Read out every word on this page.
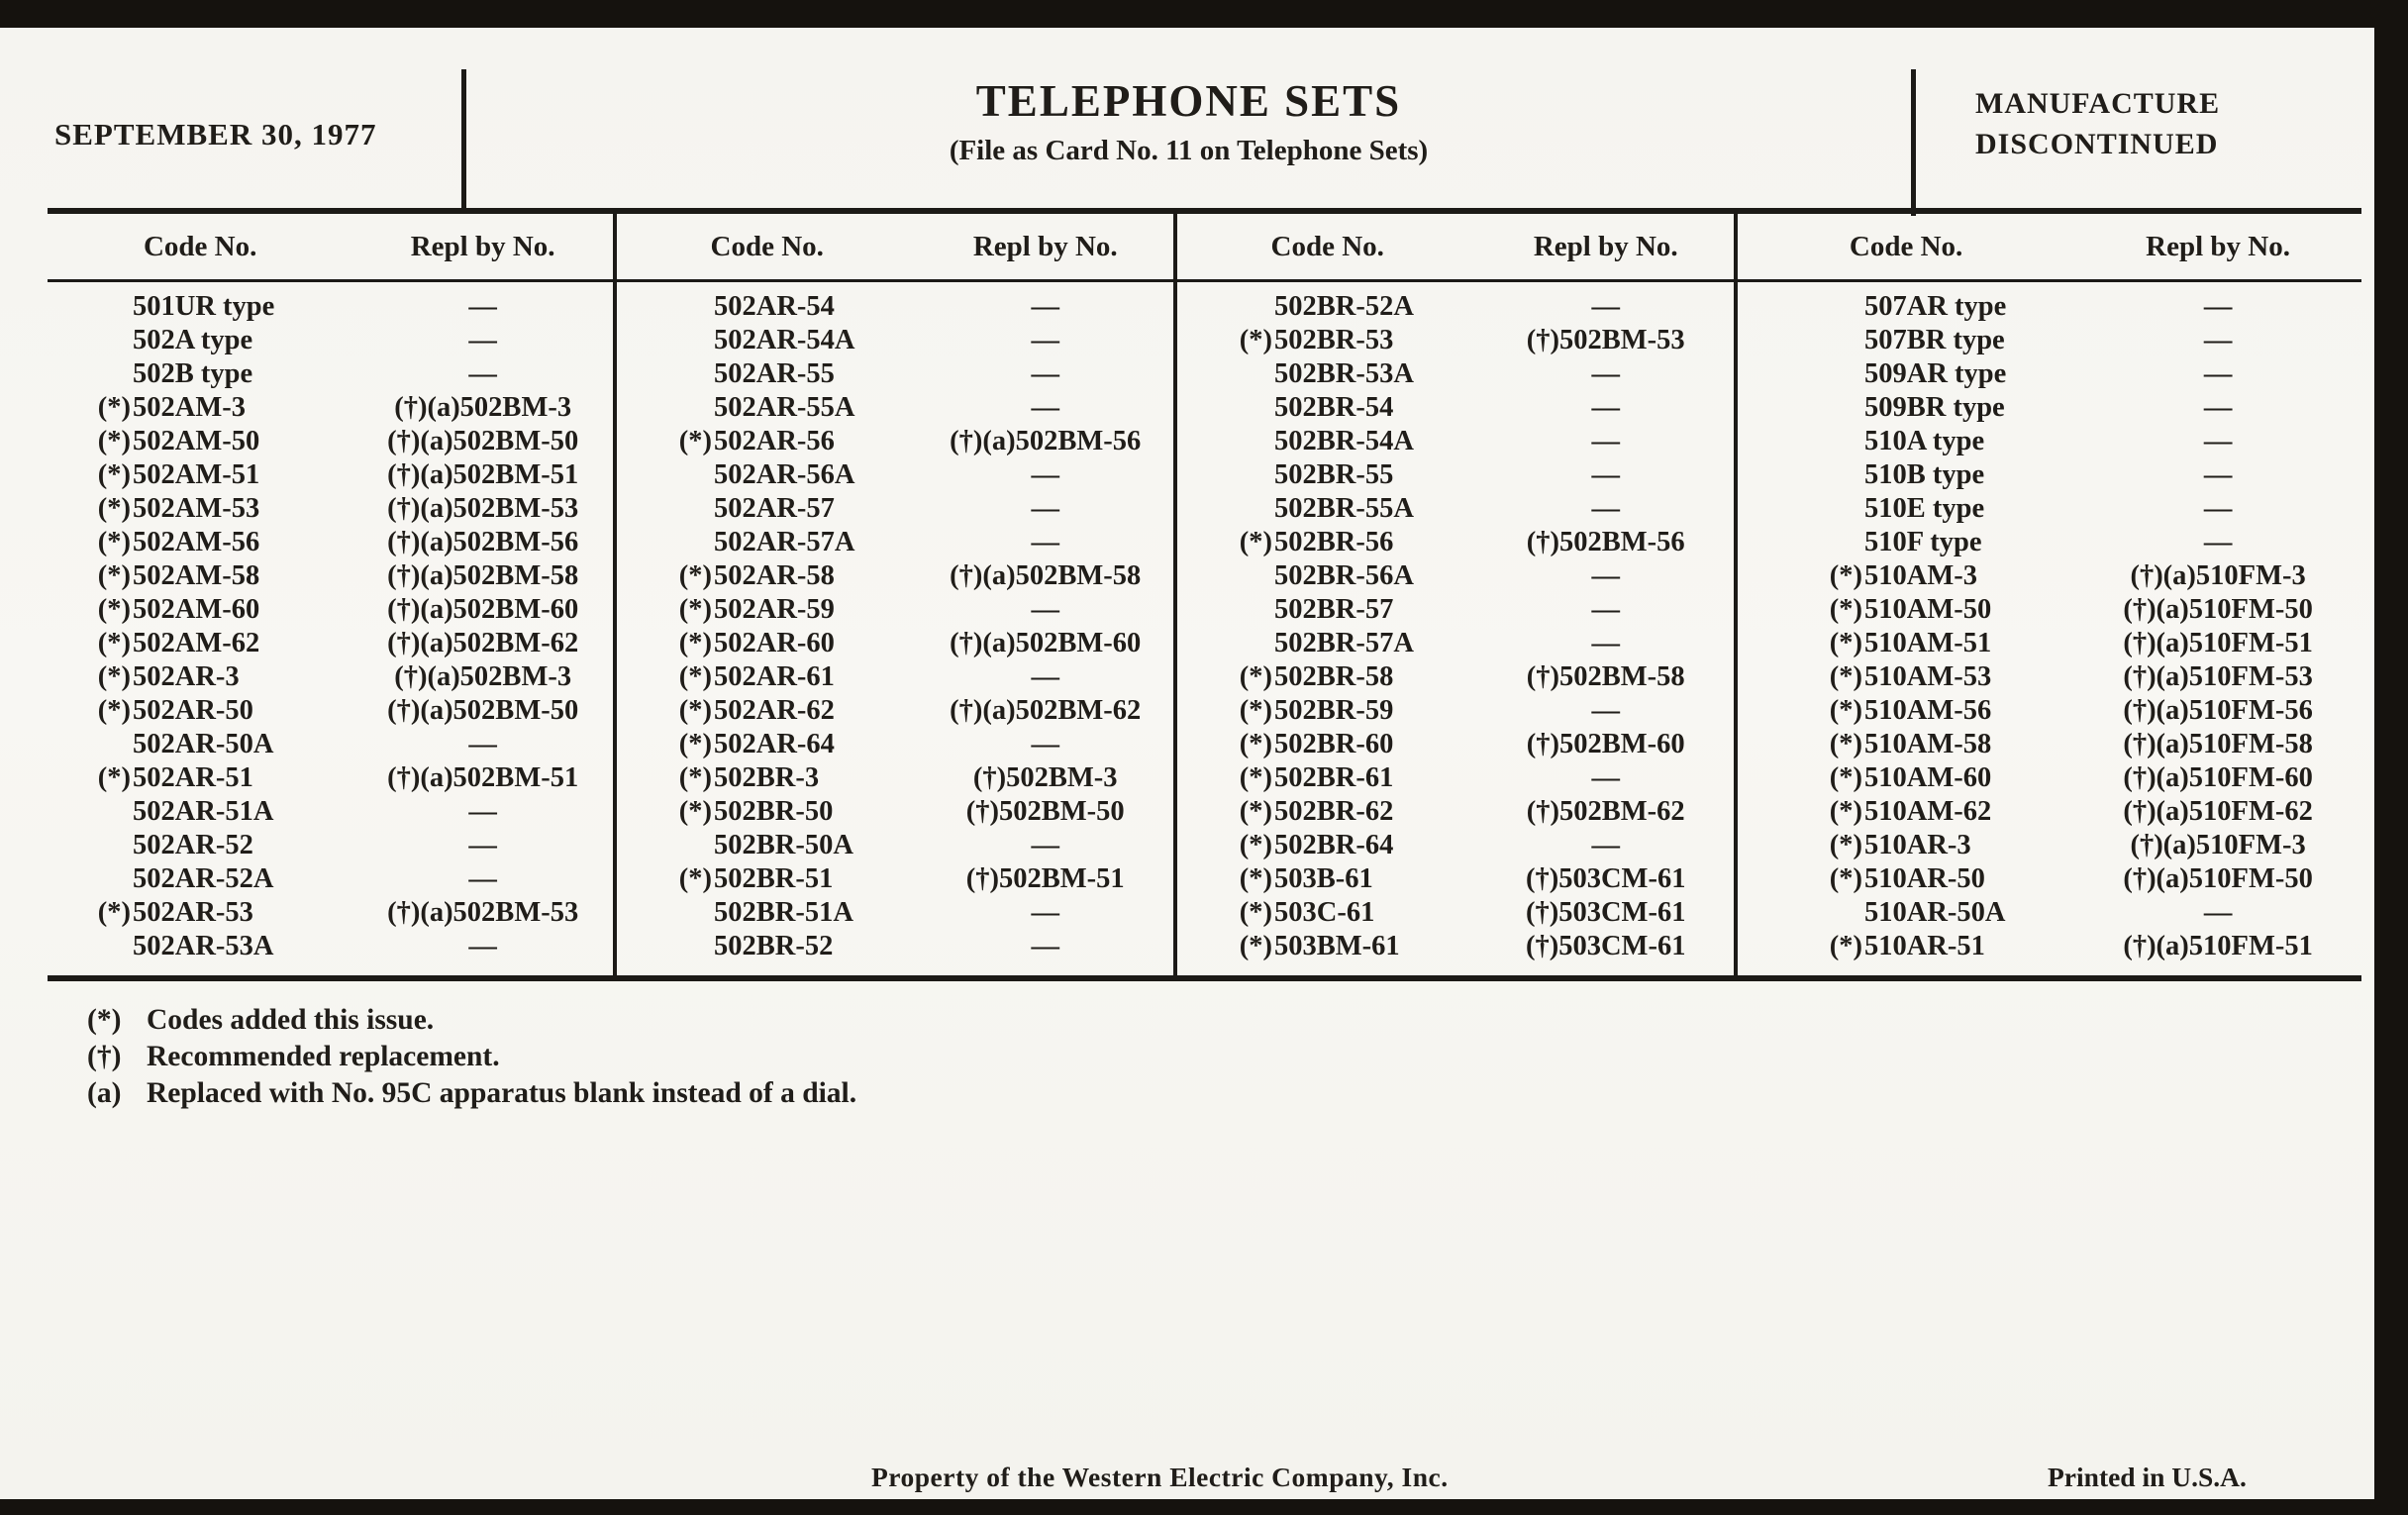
SEPTEMBER 30, 1977
TELEPHONE SETS
(File as Card No. 11 on Telephone Sets)
MANUFACTURE
DISCONTINUED
Code No.	Repl by No.
501UR type	—
502A type	—
502B type	—
(*) 502AM-3	(†)(a)502BM-3
(*) 502AM-50	(†)(a)502BM-50
(*) 502AM-51	(†)(a)502BM-51
(*) 502AM-53	(†)(a)502BM-53
(*) 502AM-56	(†)(a)502BM-56
(*) 502AM-58	(†)(a)502BM-58
(*) 502AM-60	(†)(a)502BM-60
(*) 502AM-62	(†)(a)502BM-62
(*) 502AR-3	(†)(a)502BM-3
(*) 502AR-50	(†)(a)502BM-50
502AR-50A	—
(*) 502AR-51	(†)(a)502BM-51
502AR-51A	—
502AR-52	—
502AR-52A	—
(*) 502AR-53	(†)(a)502BM-53
502AR-53A	—
Code No.	Repl by No.
502AR-54	—
502AR-54A	—
502AR-55	—
502AR-55A	—
(*) 502AR-56	(†)(a)502BM-56
502AR-56A	—
502AR-57	—
502AR-57A	—
(*) 502AR-58	(†)(a)502BM-58
(*) 502AR-59	—
(*) 502AR-60	(†)(a)502BM-60
(*) 502AR-61	—
(*) 502AR-62	(†)(a)502BM-62
(*) 502AR-64	—
(*) 502BR-3	(†)502BM-3
(*) 502BR-50	(†)502BM-50
502BR-50A	—
(*) 502BR-51	(†)502BM-51
502BR-51A	—
502BR-52	—
Code No.	Repl by No.
502BR-52A	—
(*) 502BR-53	(†)502BM-53
502BR-53A	—
502BR-54	—
502BR-54A	—
502BR-55	—
502BR-55A	—
(*) 502BR-56	(†)502BM-56
502BR-56A	—
502BR-57	—
502BR-57A	—
(*) 502BR-58	(†)502BM-58
(*) 502BR-59	—
(*) 502BR-60	(†)502BM-60
(*) 502BR-61	—
(*) 502BR-62	(†)502BM-62
(*) 502BR-64	—
(*) 503B-61	(†)503CM-61
(*) 503C-61	(†)503CM-61
(*) 503BM-61	(†)503CM-61
Code No.	Repl by No.
507AR type	—
507BR type	—
509AR type	—
509BR type	—
510A type	—
510B type	—
510E type	—
510F type	—
(*) 510AM-3	(†)(a)510FM-3
(*) 510AM-50	(†)(a)510FM-50
(*) 510AM-51	(†)(a)510FM-51
(*) 510AM-53	(†)(a)510FM-53
(*) 510AM-56	(†)(a)510FM-56
(*) 510AM-58	(†)(a)510FM-58
(*) 510AM-60	(†)(a)510FM-60
(*) 510AM-62	(†)(a)510FM-62
(*) 510AR-3	(†)(a)510FM-3
(*) 510AR-50	(†)(a)510FM-50
510AR-50A	—
(*) 510AR-51	(†)(a)510FM-51
(*) Codes added this issue.
(†) Recommended replacement.
(a) Replaced with No. 95C apparatus blank instead of a dial.
Property of the Western Electric Company, Inc.	Printed in U.S.A.
